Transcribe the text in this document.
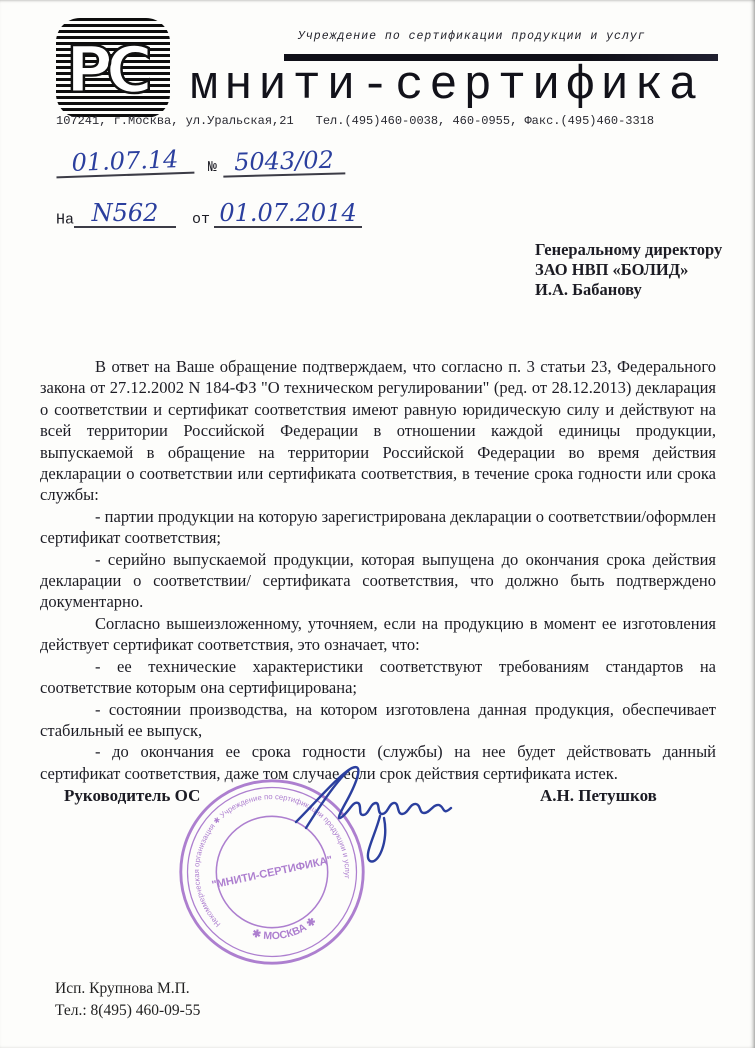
РС	Учреждение по сертификации продукции и услуг
мнити-сертифика
107241, г.Москва, ул.Уральская,21 Тел.(495)460-0038, 460-0955, Факс.(495)460-3318
01.07.14 № 5043/02
На N562 от 01.07.2014
Генеральному директору
ЗАО НВП «БОЛИД»
И.А. Бабанову

В ответ на Ваше обращение подтверждаем, что согласно п. 3 статьи 23, Федерального закона от 27.12.2002 N 184-ФЗ "О техническом регулировании" (ред. от 28.12.2013) декларация о соответствии и сертификат соответствия имеют равную юридическую силу и действуют на всей территории Российской Федерации в отношении каждой единицы продукции, выпускаемой в обращение на территории Российской Федерации во время действия декларации о соответствии или сертификата соответствия, в течение срока годности или срока службы:

- партии продукции на которую зарегистрирована декларации о соответствии/оформлен сертификат соответствия;

- серийно выпускаемой продукции, которая выпущена до окончания срока действия декларации о соответствии/ сертификата соответствия, что должно быть подтверждено документарно.

Согласно вышеизложенному, уточняем, если на продукцию в момент ее изготовления действует сертификат соответствия, это означает, что:

- ее технические характеристики соответствуют требованиям стандартов на соответствие которым она сертифицирована;

- состоянии производства, на котором изготовлена данная продукция, обеспечивает стабильный ее выпуск,

- до окончания ее срока годности (службы) на нее будет действовать данный сертификат соответствия, даже том случае если срок действия сертификата истек.

Руководитель ОС	А.Н. Петушков
Некоммерческая организация ✱ Учреждение по сертификации продукции и услуг
✱ МОСКВА ✱
"МНИТИ-СЕРТИФИКА"
Исп. Крупнова М.П.
Тел.: 8(495) 460-09-55
